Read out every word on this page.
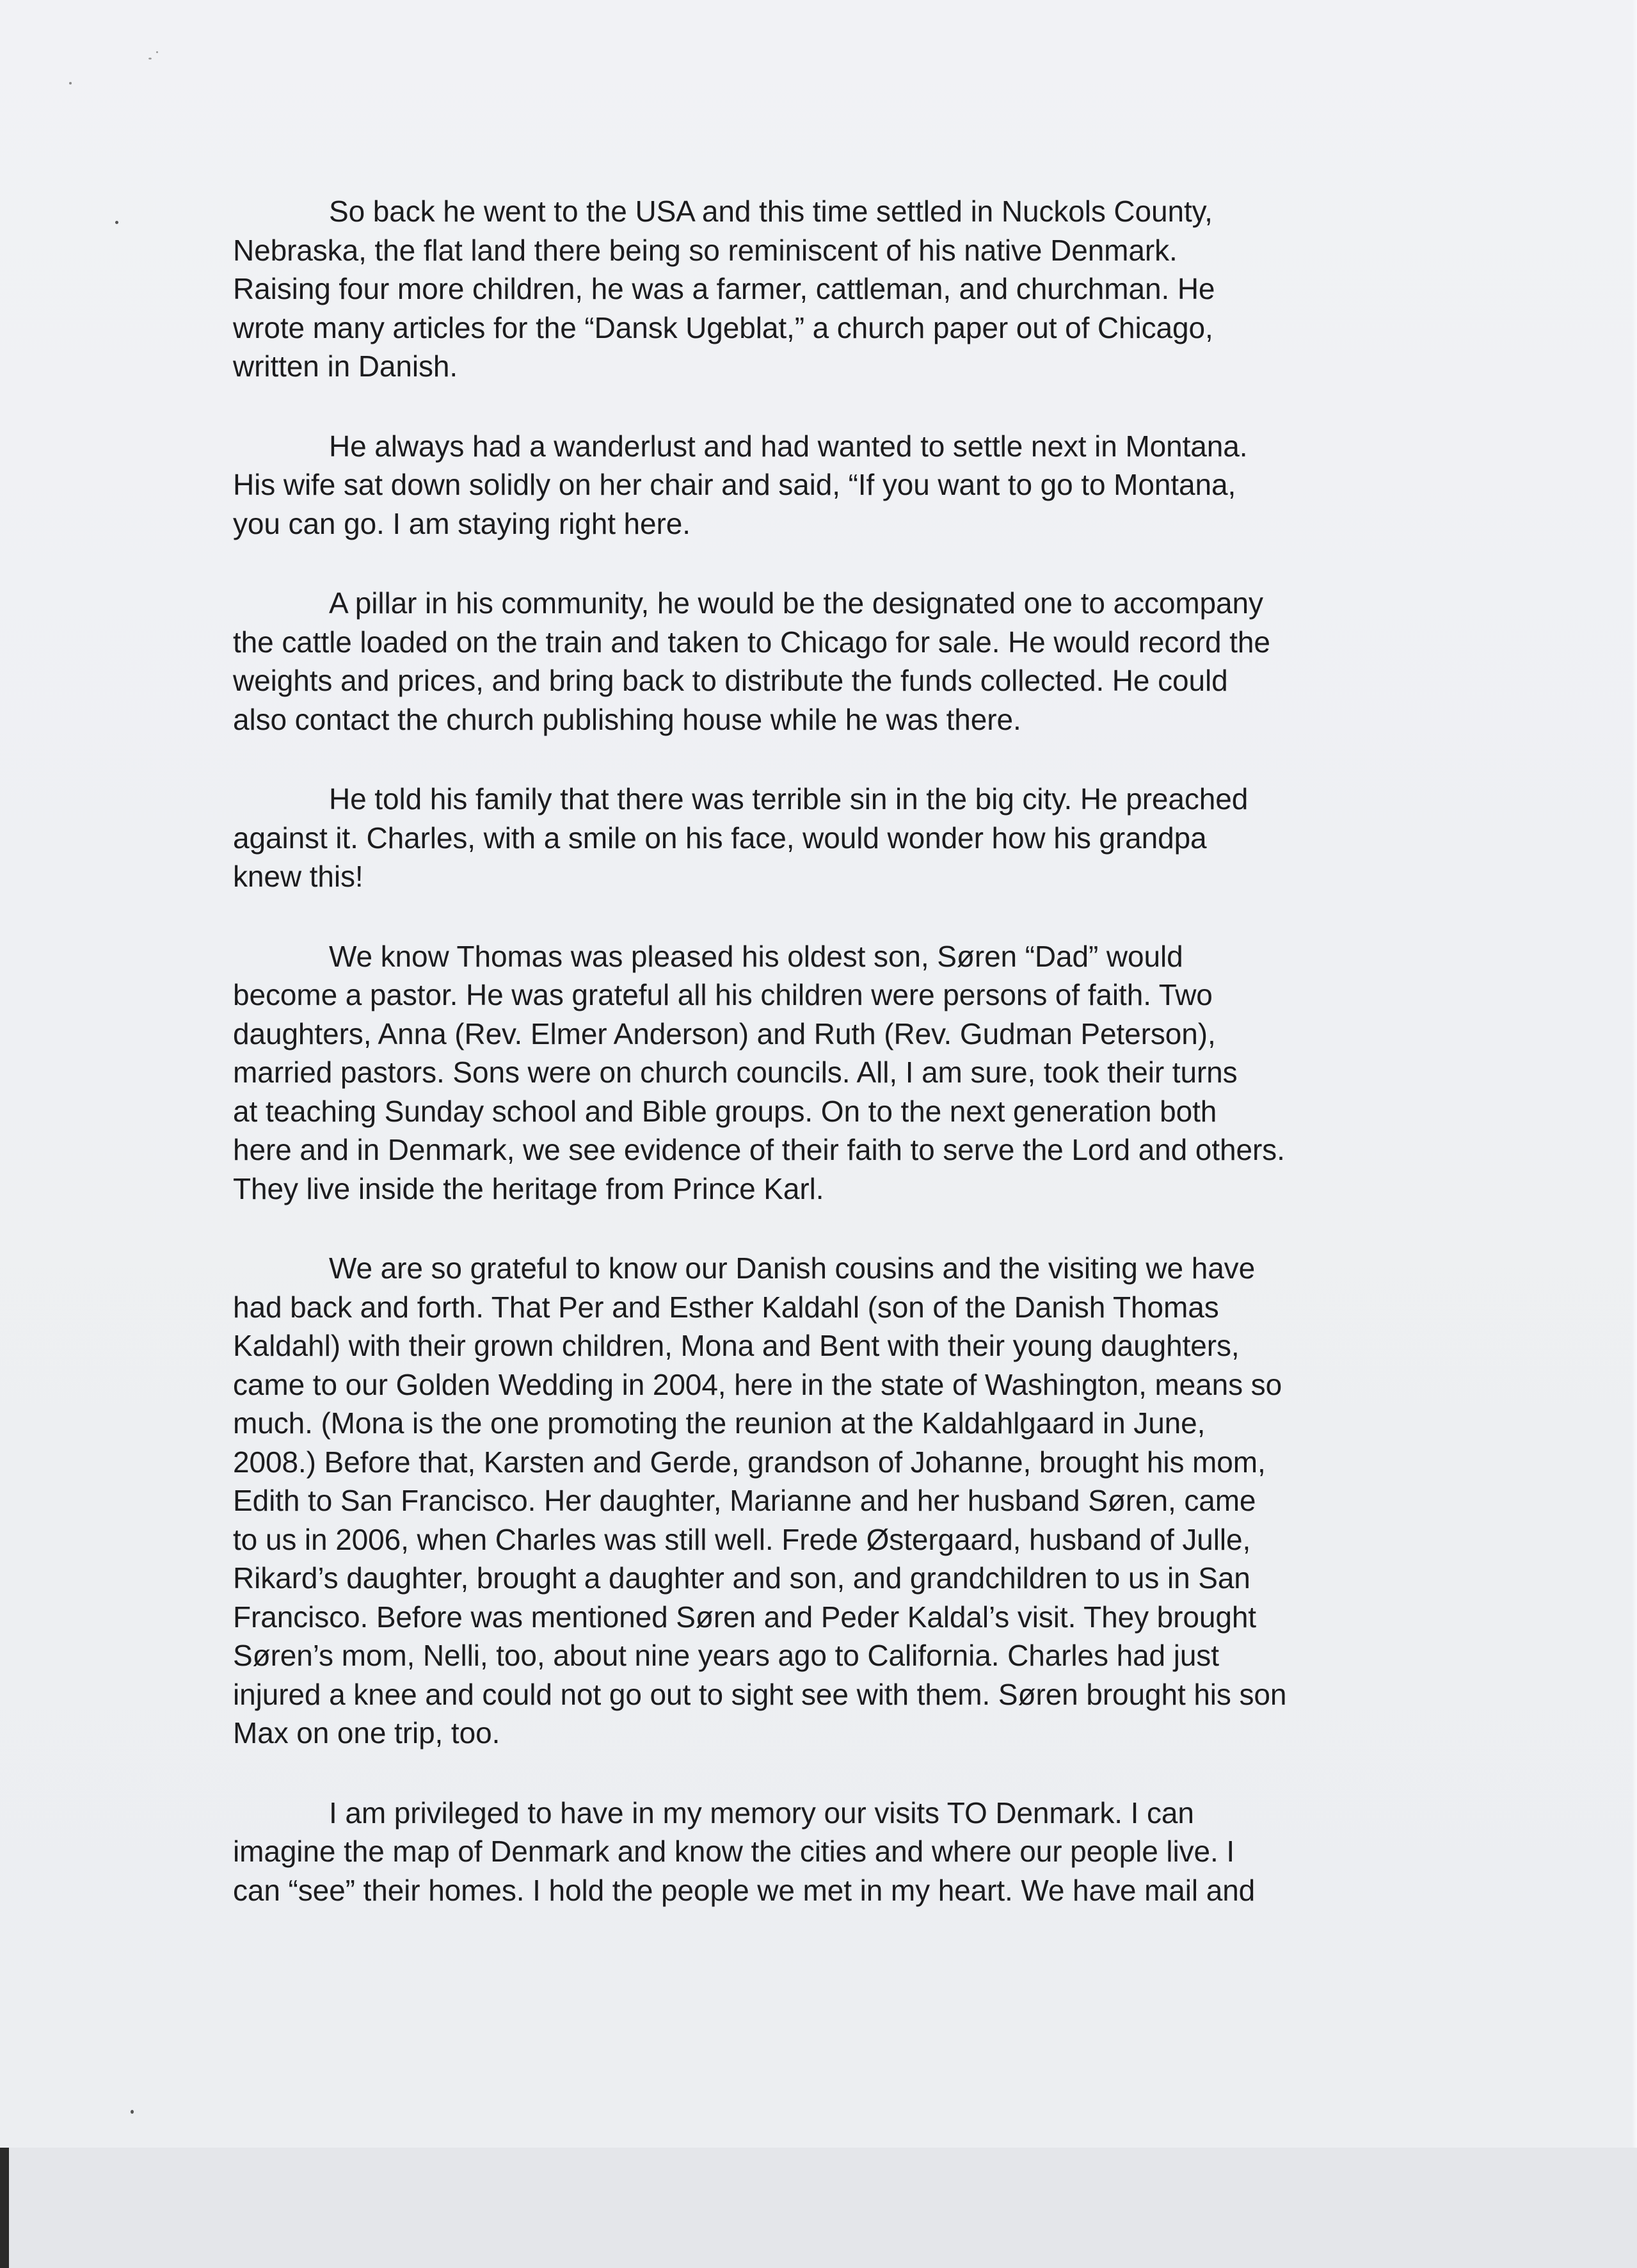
So back he went to the USA and this time settled in Nuckols County,
Nebraska, the flat land there being so reminiscent of his native Denmark.
Raising four more children, he was a farmer, cattleman, and churchman. He
wrote many articles for the “Dansk Ugeblat,” a church paper out of Chicago,
written in Danish.

He always had a wanderlust and had wanted to settle next in Montana.
His wife sat down solidly on her chair and said, “If you want to go to Montana,
you can go. I am staying right here.

A pillar in his community, he would be the designated one to accompany
the cattle loaded on the train and taken to Chicago for sale. He would record the
weights and prices, and bring back to distribute the funds collected. He could
also contact the church publishing house while he was there.

He told his family that there was terrible sin in the big city. He preached
against it. Charles, with a smile on his face, would wonder how his grandpa
knew this!

We know Thomas was pleased his oldest son, Søren “Dad” would
become a pastor. He was grateful all his children were persons of faith. Two
daughters, Anna (Rev. Elmer Anderson) and Ruth (Rev. Gudman Peterson),
married pastors. Sons were on church councils. All, I am sure, took their turns
at teaching Sunday school and Bible groups. On to the next generation both
here and in Denmark, we see evidence of their faith to serve the Lord and others.
They live inside the heritage from Prince Karl.

We are so grateful to know our Danish cousins and the visiting we have
had back and forth. That Per and Esther Kaldahl (son of the Danish Thomas
Kaldahl) with their grown children, Mona and Bent with their young daughters,
came to our Golden Wedding in 2004, here in the state of Washington, means so
much. (Mona is the one promoting the reunion at the Kaldahlgaard in June,
2008.) Before that, Karsten and Gerde, grandson of Johanne, brought his mom,
Edith to San Francisco. Her daughter, Marianne and her husband Søren, came
to us in 2006, when Charles was still well. Frede Østergaard, husband of Julle,
Rikard’s daughter, brought a daughter and son, and grandchildren to us in San
Francisco. Before was mentioned Søren and Peder Kaldal’s visit. They brought
Søren’s mom, Nelli, too, about nine years ago to California. Charles had just
injured a knee and could not go out to sight see with them. Søren brought his son
Max on one trip, too.

I am privileged to have in my memory our visits TO Denmark. I can
imagine the map of Denmark and know the cities and where our people live. I
can “see” their homes. I hold the people we met in my heart. We have mail and
